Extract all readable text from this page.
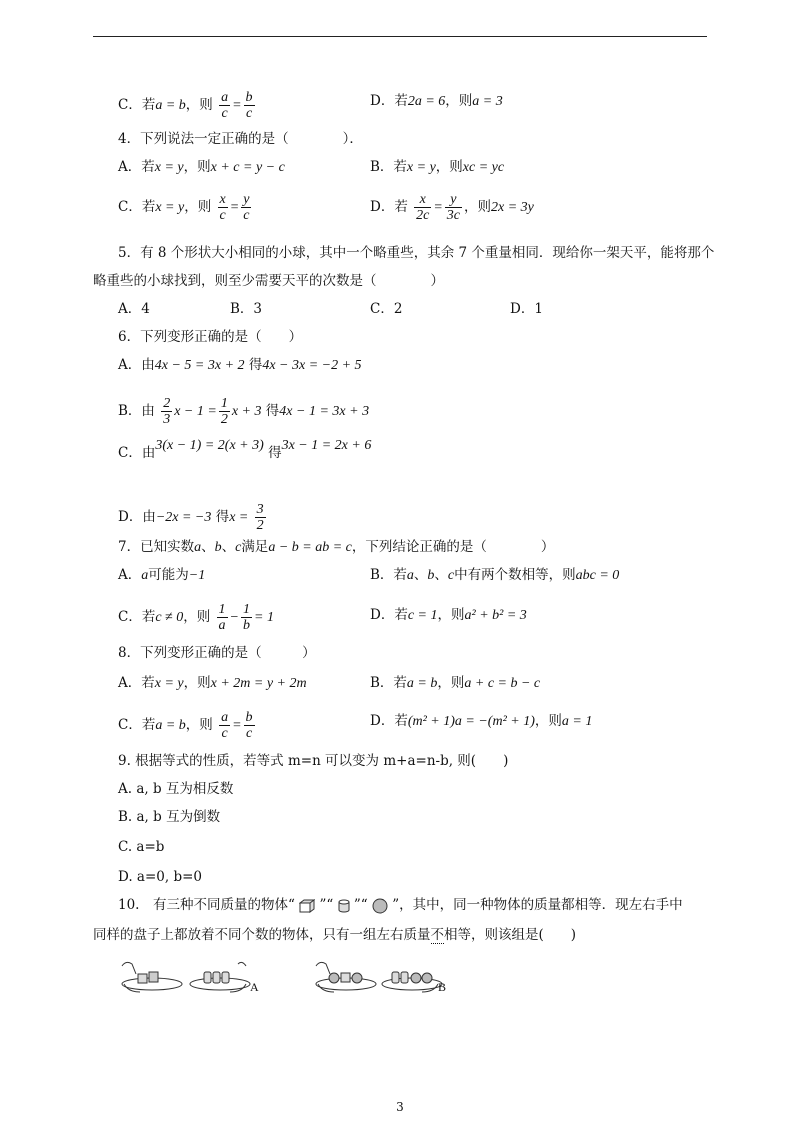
C．若a = b，则 $\frac{a}{c} = \frac{b}{c}$	D．若2a = 6，则a = 3
4．下列说法一定正确的是（　　　　）．
A．若x = y，则x + c = y − c	B．若x = y，则xc = yc
C．若x = y，则 $\frac{x}{c} = \frac{y}{c}$	D．若 $\frac{x}{2c} = \frac{y}{3c}$ ，则2x = 3y
5．有 8 个形状大小相同的小球，其中一个略重些，其余 7 个重量相同．现给你一架天平，能将那个
略重些的小球找到，则至少需要天平的次数是（　　　　）
A．4	B．3	C．2	D．1
6．下列变形正确的是（　　）
A．由4x − 5 = 3x + 2 得4x − 3x = −2 + 5
B．由 $\frac{2}{3}$ $x - 1 = \frac{1}{2}$ x + 3 得4x − 1 = 3x + 3
C．由3(x − 1) = 2(x + 3) 得3x − 1 = 2x + 6
D．由−2x = −3 得$x = \frac{3}{2}$
7．已知实数a、b、c满足a − b = ab = c，下列结论正确的是（　　　　）
A．a可能为−1	B．若a、b、c中有两个数相等，则abc = 0
C．若c ≠ 0，则 $\frac{1}{a} - \frac{1}{b} = 1$	D．若c = 1，则a² + b² = 3
8．下列变形正确的是（　　　）
A．若x = y，则x + 2m = y + 2m	B．若a = b，则a + c = b − c
C．若a = b，则 $\frac{a}{c} = \frac{b}{c}$	D．若(m² + 1)a = −(m² + 1)，则a = 1
9. 根据等式的性质，若等式 m=n 可以变为 m+a=n-b, 则(　　)
A. a, b 互为相反数
B. a, b 互为倒数
C. a=b
D. a=0, b=0
10.　有三种不同质量的物体“ ”“ ”“ ”，其中，同一种物体的质量都相等．现左右手中
同样的盘子上都放着不同个数的物体，只有一组左右质量不相等，则该组是(　　)
A	B
3
